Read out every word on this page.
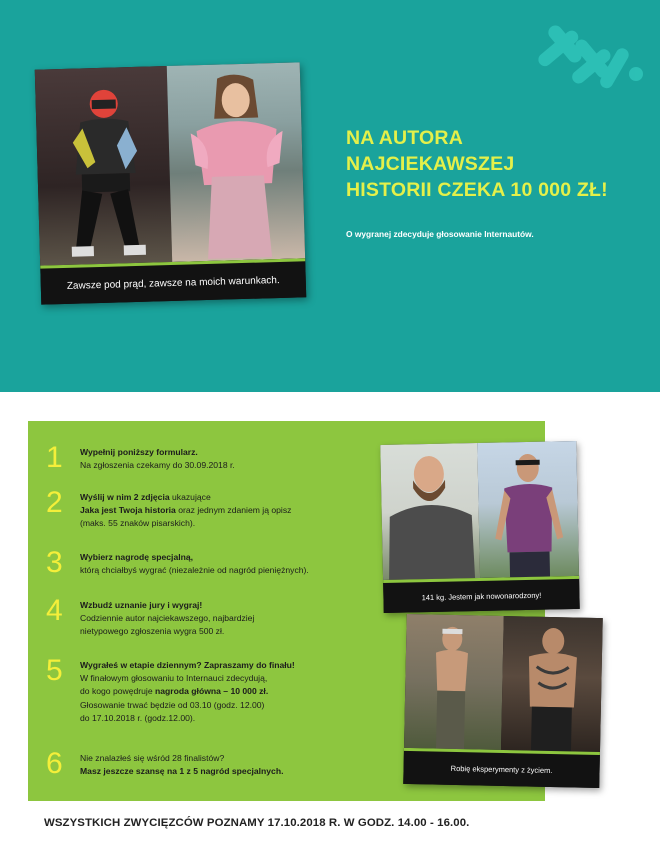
Zawsze pod prąd, zawsze na moich warunkach.
NA AUTORA
NAJCIEKAWSZEJ
HISTORII CZEKA 10 000 ZŁ!
O wygranej zdecyduje głosowanie Internautów.
1	Wypełnij poniższy formularz.
Na zgłoszenia czekamy do 30.09.2018 r.
2	Wyślij w nim 2 zdjęcia ukazujące
Jaka jest Twoja historia oraz jednym zdaniem ją opisz
(maks. 55 znaków pisarskich).
3	Wybierz nagrodę specjalną,
którą chciałbyś wygrać (niezależnie od nagród pieniężnych).
4	Wzbudź uznanie jury i wygraj!
Codziennie autor najciekawszego, najbardziej
nietypowego zgłoszenia wygra 500 zł.
5	Wygrałeś w etapie dziennym? Zapraszamy do finału!
W finałowym głosowaniu to Internauci zdecydują,
do kogo powędruje nagroda główna – 10 000 zł.
Głosowanie trwać będzie od 03.10 (godz. 12.00)
do 17.10.2018 r. (godz.12.00).
6	Nie znalazłeś się wśród 28 finalistów?
Masz jeszcze szansę na 1 z 5 nagród specjalnych.
141 kg. Jestem jak nowonarodzony!
Robię eksperymenty z życiem.
WSZYSTKICH ZWYCIĘZCÓW POZNAMY 17.10.2018 R. W GODZ. 14.00 - 16.00.
